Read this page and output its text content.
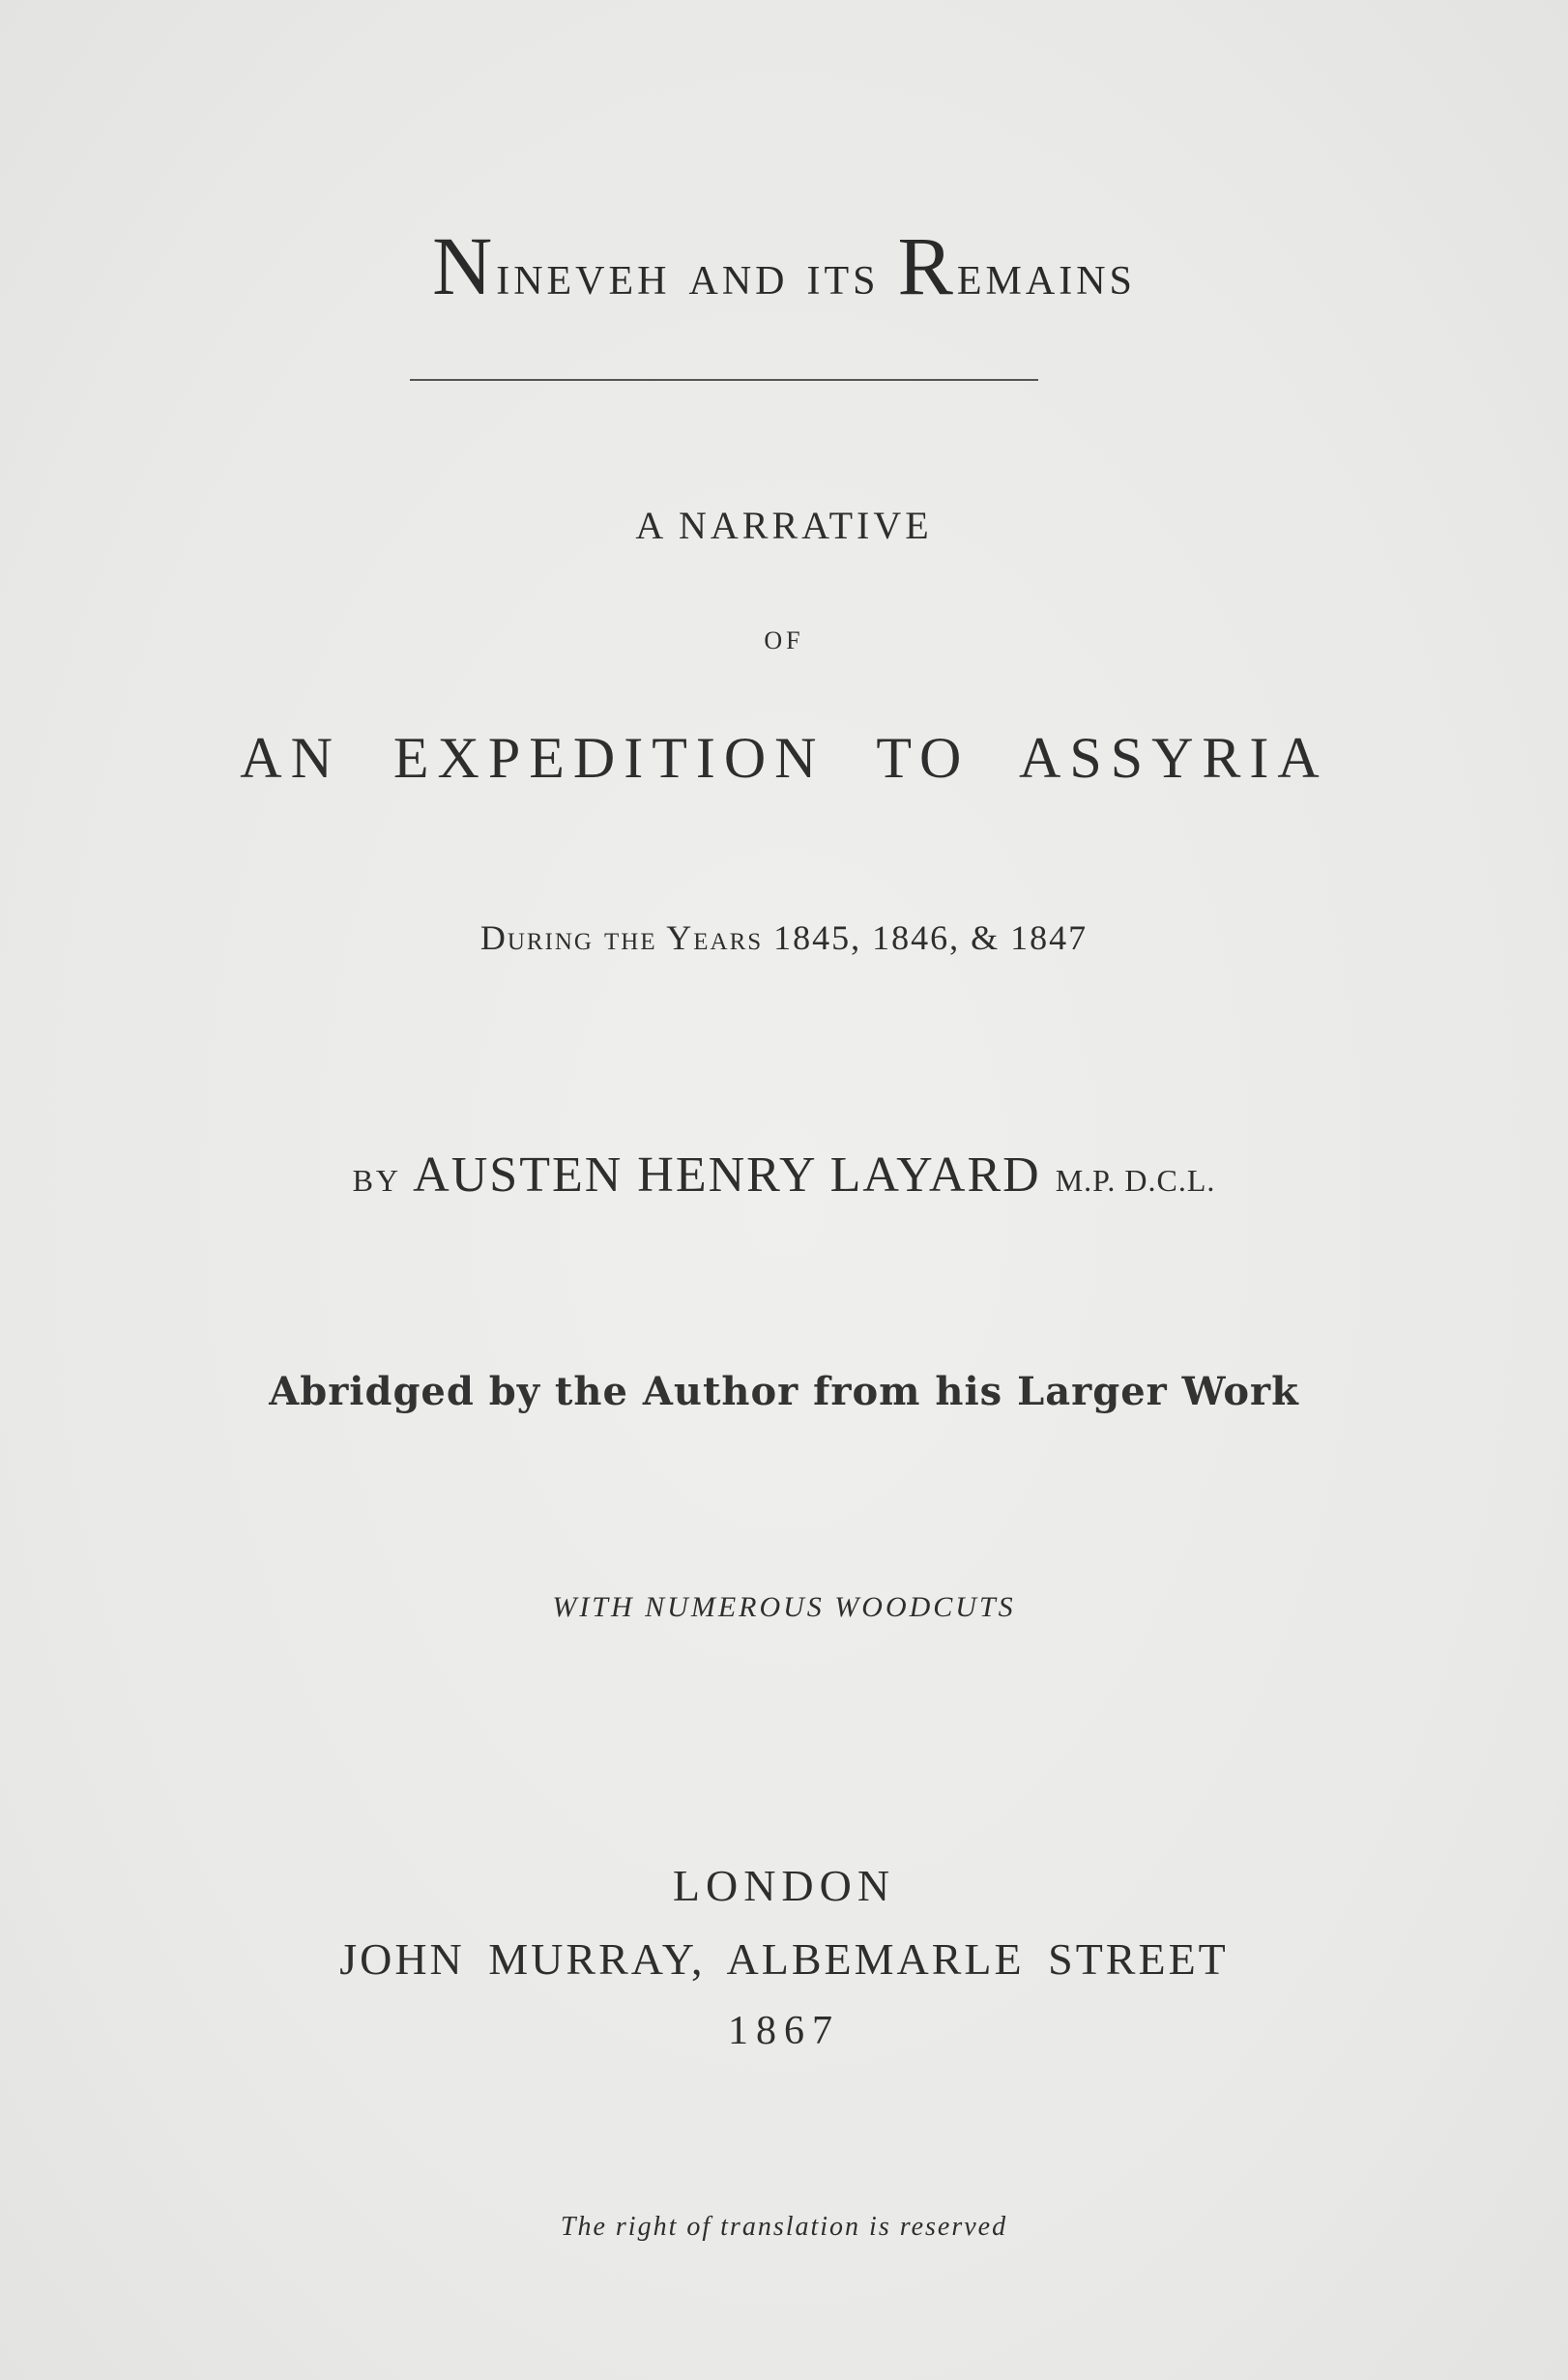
Nineveh and its Remains
A NARRATIVE
OF
AN EXPEDITION TO ASSYRIA
During the Years 1845, 1846, & 1847
BY AUSTEN HENRY LAYARD M.P. D.C.L.
Abridged by the Author from his Larger Work
WITH NUMEROUS WOODCUTS
LONDON
JOHN MURRAY, ALBEMARLE STREET
1867
The right of translation is reserved
